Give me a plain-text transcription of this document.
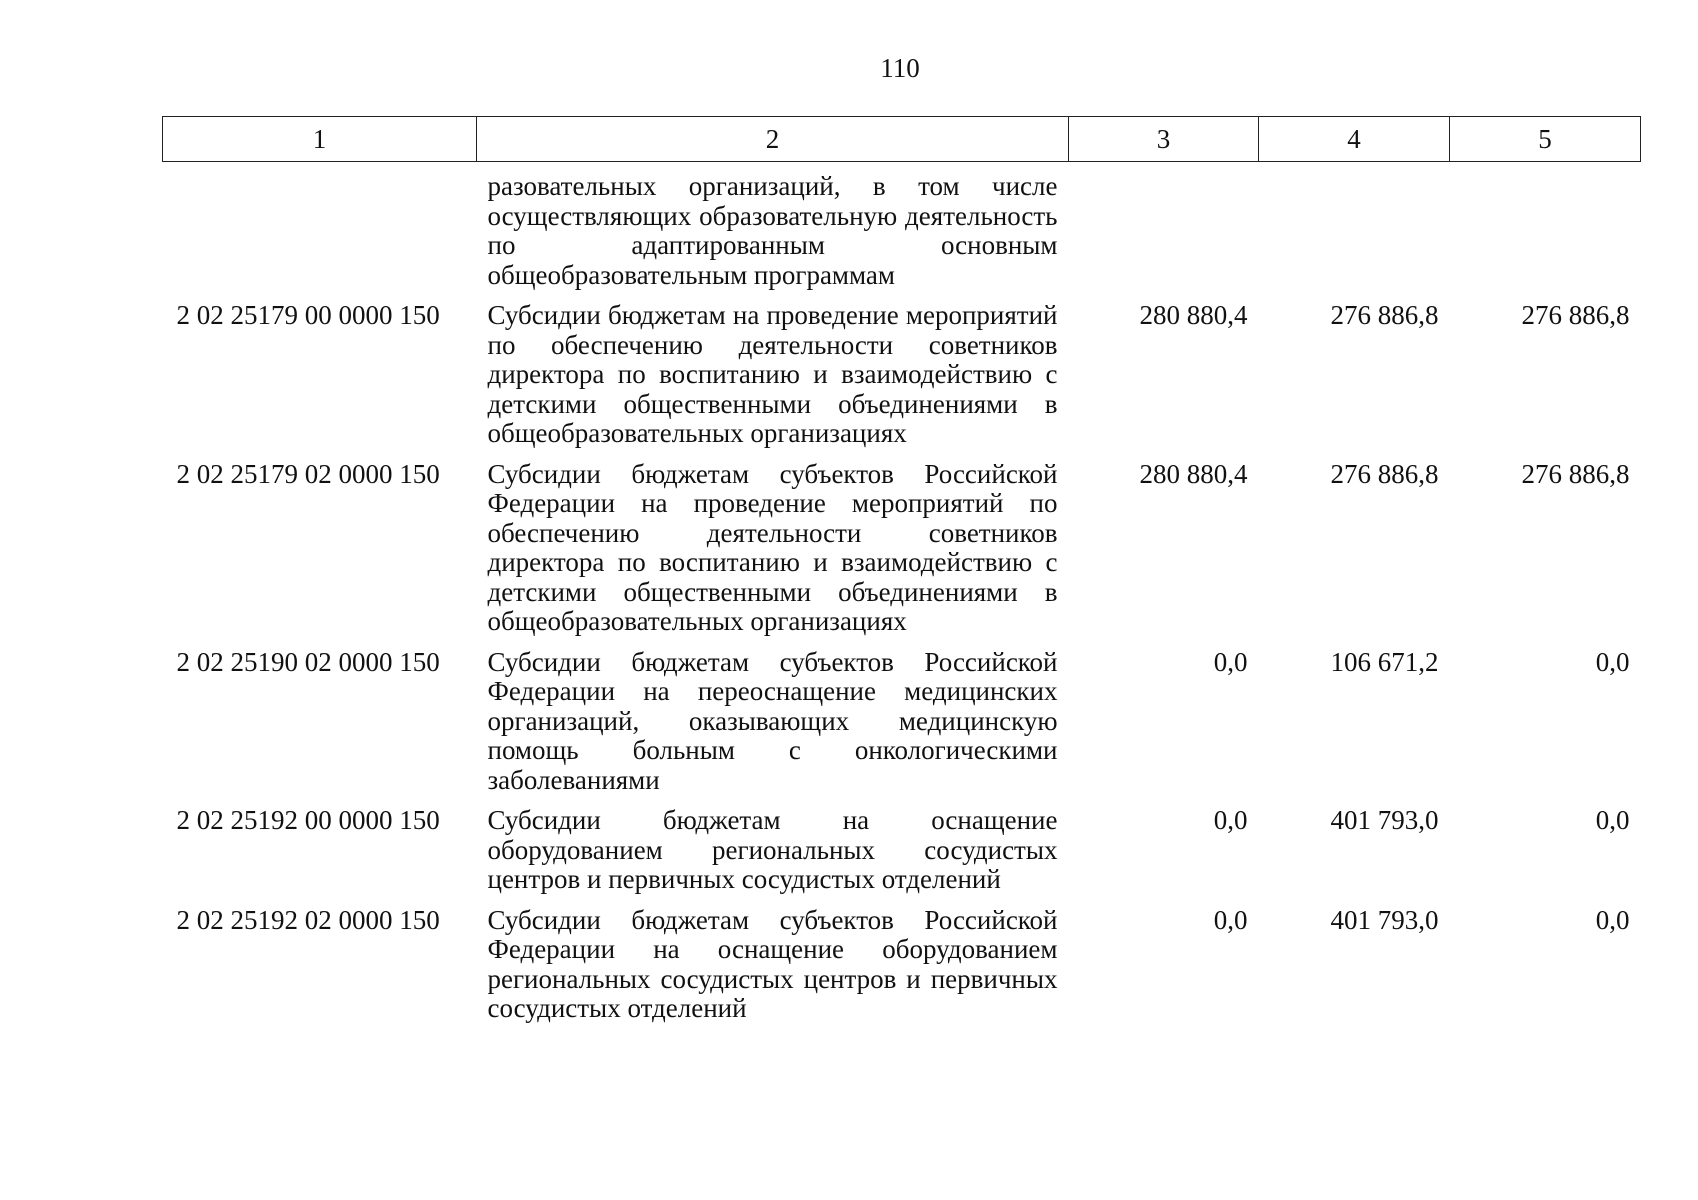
110
1	2	3	4	5
	разовательных организаций, в том числе осуществляющих образовательную деятельность по адаптированным основным общеобразовательным программам			
2 02 25179 00 0000 150	Субсидии бюджетам на проведение мероприятий по обеспечению деятельности советников директора по воспитанию и взаимодействию с детскими общественными объединениями в общеобразовательных организациях	280 880,4	276 886,8	276 886,8
2 02 25179 02 0000 150	Субсидии бюджетам субъектов Российской Федерации на проведение мероприятий по обеспечению деятельности советников директора по воспитанию и взаимодействию с детскими общественными объединениями в общеобразовательных организациях	280 880,4	276 886,8	276 886,8
2 02 25190 02 0000 150	Субсидии бюджетам субъектов Российской Федерации на переоснащение медицинских организаций, оказывающих медицинскую помощь больным с онкологическими заболеваниями	0,0	106 671,2	0,0
2 02 25192 00 0000 150	Субсидии бюджетам на оснащение оборудованием региональных сосудистых центров и первичных сосудистых отделений	0,0	401 793,0	0,0
2 02 25192 02 0000 150	Субсидии бюджетам субъектов Российской Федерации на оснащение оборудованием региональных сосудистых центров и первичных сосудистых отделений	0,0	401 793,0	0,0
